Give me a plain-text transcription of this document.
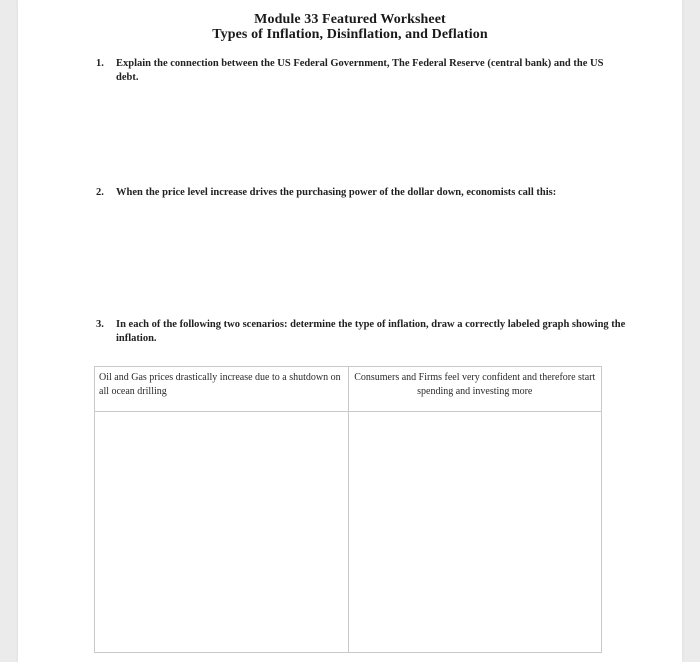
Module 33 Featured Worksheet
Types of Inflation, Disinflation, and Deflation
1. Explain the connection between the US Federal Government, The Federal Reserve (central bank) and the US debt.
2. When the price level increase drives the purchasing power of the dollar down, economists call this:
3. In each of the following two scenarios: determine the type of inflation, draw a correctly labeled graph showing the inflation.
Oil and Gas prices drastically increase due to a shutdown on all ocean drilling	Consumers and Firms feel very confident and therefore start spending and investing more
